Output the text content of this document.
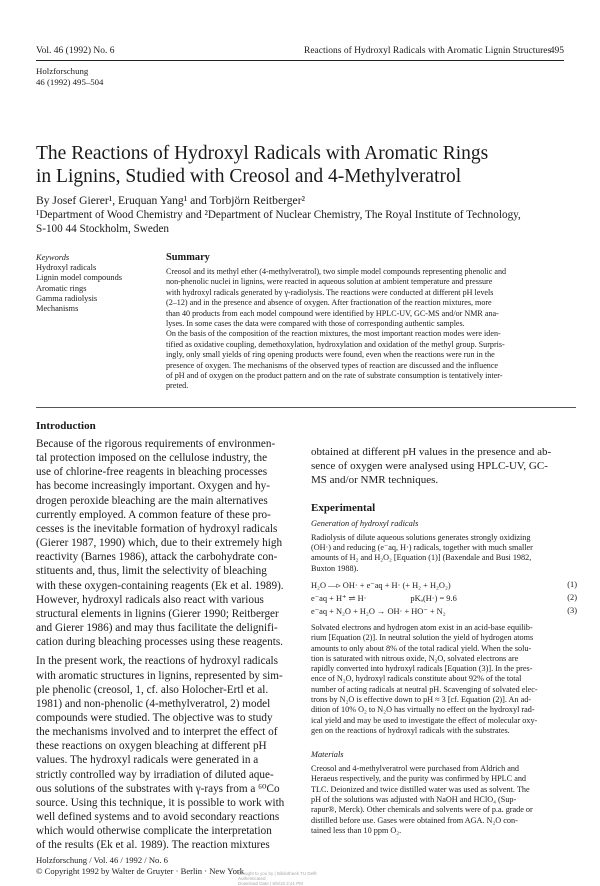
Vol. 46 (1992) No. 6	Reactions of Hydroxyl Radicals with Aromatic Lignin Structures
495
Holzforschung
46 (1992) 495–504
The Reactions of Hydroxyl Radicals with Aromatic Rings
in Lignins, Studied with Creosol and 4-Methylveratrol
By Josef Gierer¹, Eruquan Yang¹ and Torbjörn Reitberger²
¹Department of Wood Chemistry and ²Department of Nuclear Chemistry, The Royal Institute of Technology,
S-100 44 Stockholm, Sweden
Keywords
Hydroxyl radicals
Lignin model compounds
Aromatic rings
Gamma radiolysis
Mechanisms
Summary
Creosol and its methyl ether (4-methylveratrol), two simple model compounds representing phenolic and
non-phenolic nuclei in lignins, were reacted in aqueous solution at ambient temperature and pressure
with hydroxyl radicals generated by γ-radiolysis. The reactions were conducted at different pH levels
(2–12) and in the presence and absence of oxygen. After fractionation of the reaction mixtures, more
than 40 products from each model compound were identified by HPLC-UV, GC-MS and/or NMR ana-
lyses. In some cases the data were compared with those of corresponding authentic samples.
On the basis of the composition of the reaction mixtures, the most important reaction modes were iden-
tified as oxidative coupling, demethoxylation, hydroxylation and oxidation of the methyl group. Surpris-
ingly, only small yields of ring opening products were found, even when the reactions were run in the
presence of oxygen. The mechanisms of the observed types of reaction are discussed and the influence
of pH and of oxygen on the product pattern and on the rate of substrate consumption is tentatively inter-
preted.
Introduction
Because of the rigorous requirements of environmen-
tal protection imposed on the cellulose industry, the
use of chlorine-free reagents in bleaching processes
has become increasingly important. Oxygen and hy-
drogen peroxide bleaching are the main alternatives
currently employed. A common feature of these pro-
cesses is the inevitable formation of hydroxyl radicals
(Gierer 1987, 1990) which, due to their extremely high
reactivity (Barnes 1986), attack the carbohydrate con-
stituents and, thus, limit the selectivity of bleaching
with these oxygen-containing reagents (Ek et al. 1989).
However, hydroxyl radicals also react with various
structural elements in lignins (Gierer 1990; Reitberger
and Gierer 1986) and may thus facilitate the delignifi-
cation during bleaching processes using these reagents.
In the present work, the reactions of hydroxyl radicals
with aromatic structures in lignins, represented by sim-
ple phenolic (creosol, 1, cf. also Holocher-Ertl et al.
1981) and non-phenolic (4-methylveratrol, 2) model
compounds were studied. The objective was to study
the mechanisms involved and to interpret the effect of
these reactions on oxygen bleaching at different pH
values. The hydroxyl radicals were generated in a
strictly controlled way by irradiation of diluted aque-
ous solutions of the substrates with γ-rays from a ⁶⁰Co
source. Using this technique, it is possible to work with
well defined systems and to avoid secondary reactions
which would otherwise complicate the interpretation
of the results (Ek et al. 1989). The reaction mixtures
obtained at different pH values in the presence and ab-
sence of oxygen were analysed using HPLC-UV, GC-
MS and/or NMR techniques.
Experimental
Generation of hydroxyl radicals
Radiolysis of dilute aqueous solutions generates strongly oxidizing
(OH·) and reducing (e⁻aq, H·) radicals, together with much smaller
amounts of H₂ and H₂O₂ [Equation (1)] (Baxendale and Busi 1982,
Buxton 1988).
H₂O —▹ OH· + e⁻aq + H· (+ H₂ + H₂O₂)	(1)
e⁻aq + H⁺ ⇌ H·                     pKₐ(H·) = 9.6	(2)
e⁻aq + N₂O + H₂O → OH· + HO⁻ + N₂	(3)
Solvated electrons and hydrogen atom exist in an acid-base equilib-
rium [Equation (2)]. In neutral solution the yield of hydrogen atoms
amounts to only about 8% of the total radical yield. When the solu-
tion is saturated with nitrous oxide, N₂O, solvated electrons are
rapidly converted into hydroxyl radicals [Equation (3)]. In the pres-
ence of N₂O, hydroxyl radicals constitute about 92% of the total
number of acting radicals at neutral pH. Scavenging of solvated elec-
trons by N₂O is effective down to pH ≈ 3 [cf. Equation (2)]. An ad-
dition of 10% O₂ to N₂O has virtually no effect on the hydroxyl rad-
ical yield and may be used to investigate the effect of molecular oxy-
gen on the reactions of hydroxyl radicals with the substrates.
Materials
Creosol and 4-methylveratrol were purchased from Aldrich and
Heraeus respectively, and the purity was confirmed by HPLC and
TLC. Deionized and twice distilled water was used as solvent. The
pH of the solutions was adjusted with NaOH and HClO₄ (Sup-
rapur®, Merck). Other chemicals and solvents were of p.a. grade or
distilled before use. Gases were obtained from AGA. N₂O con-
tained less than 10 ppm O₂.
Holzforschung / Vol. 46 / 1992 / No. 6
© Copyright 1992 by Walter de Gruyter · Berlin · New York
Brought to you by | Bibliotheek TU Delft
Authenticated
Download Date | 6/5/15 2:41 PM
